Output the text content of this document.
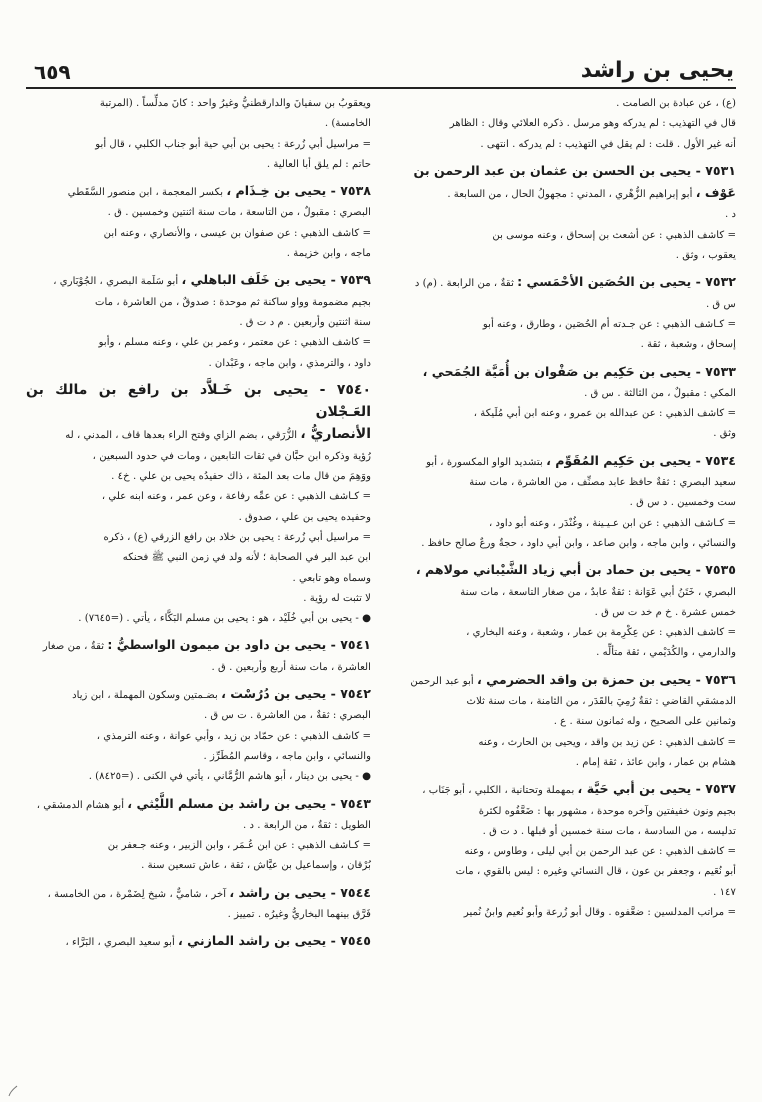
يحيى بن راشد
٦٥٩

(ع) ، عن عبادة بن الصامت .

قال في التهذيب : لم يدركه وهو مرسل . ذكره العلائي وقال : الظاهر

أنه غير الأول . قلت : لم يقل في التهذيب : لم يدركه . انتهى .

٧٥٣١ - يحيى بن الحسن بن عثمان بن عبد الرحمن بن

عَوْف ، أبو إبراهيم الزُّهْري ، المدني : مجهولُ الحال ، من السابعة .

د .

= كاشف الذهبي : عن أشعث بن إسحاق ، وعنه موسى بن

يعقوب ، وثق .

٧٥٣٢ - يحيى بن الحُصَين الأحْمَسي : ثقةٌ ، من الرابعة . (م) د

س ق .

= كـاشف الذهبي : عن جـدته أم الحُصَين ، وطارق ، وعنه أبو

إسحاق ، وشعبة ، ثقة .

٧٥٣٣ - يحيى بن حَكِيم بن صَفْوان بن أُمَيَّة الجُمَحي ،

المكي : مقبولٌ ، من الثالثة . س ق .

= كاشف الذهبي : عن عبدالله بن عمرو ، وعنه ابن أبي مُلَيكة ،

وثق .

٧٥٣٤ - يحيى بن حَكِيم المُقَوِّم ، بتشديد الواو المكسورة ، أبو

سعيد البصري : ثقةٌ حافظ عابد مصنِّف ، من العاشرة ، مات سنة

ست وخمسين . د س ق .

= كـاشف الذهبي : عن ابن عـيـينة ، وغُنْدَر ، وعنه أبو داود ،

والنسائي ، وابن ماجه ، وابن صاعد ، وابن أبي داود ، حجةٌ ورعٌ صالح حافظ .

٧٥٣٥ - يحيى بن حماد بن أبي زياد الشَّيْباني مولاهم ،

البصري ، خَتَنُ أبي عَوَانة : ثقةٌ عابدٌ ، من صغار التاسعة ، مات سنة

خمس عشرة . خ م خد ت س ق .

= كاشف الذهبي : عن عِكْرِمة بن عمار ، وشعبة ، وعنه البخاري ،

والدارمي ، والكُدَيْمي ، ثقة متألِّه .

٧٥٣٦ - يحيى بن حمزة بن واقد الحضرمي ، أبو عبد الرحمن

الدمشقي القاضي : ثقةٌ رُمِيَ بالقَدَر ، من الثامنة ، مات سنة ثلاث

وثمانين على الصحيح ، وله ثمانون سنة . ع .

= كاشف الذهبي : عن زيد بن واقد ، ويحيى بن الحارث ، وعنه

هشام بن عمار ، وابن عائذ ، ثقة إمام .

٧٥٣٧ - يحيى بن أبي حَيَّة ، بمهملة وتحتانية ، الكلبي ، أبو جَنَاب ،

بجيم ونون خفيفتين وآخره موحدة ، مشهور بها : ضَعَّفُوه لكثرة

تدليسه ، من السادسة ، مات سنة خمسين أو قبلها . د ت ق .

= كاشف الذهبي : عن عبد الرحمن بن أبي ليلى ، وطاوس ، وعنه

أبو نُعَيم ، وجعفر بن عون ، قال النسائي وغيره : ليس بالقوي ، مات

١٤٧ .

= مراتب المدلسين : ضعَّفوه . وقال أبو زُرعة وأبو نُعيم وابنُ نُمير

ويعقوبُ بن سفيانَ والدارقطنيُّ وغيرُ واحد : كانَ مدلِّساً . (المرتبة

الخامسة) .

= مراسيل أبي زُرعة : يحيى بن أبي حية أبو جناب الكلبي ، قال أبو

حاتم : لم يلق أبا العالية .

٧٥٣٨ - يحيى بن خِـذَام ، بكسر المعجمة ، ابن منصور السَّقَطي

البصري : مقبولٌ ، من التاسعة ، مات سنة اثنتين وخمسين . ق .

= كاشف الذهبي : عن صفوان بن عيسى ، والأنصاري ، وعنه ابن

ماجه ، وابن خزيمة .

٧٥٣٩ - يحيى بن خَلَف الباهلي ، أبو سَلَمة البصري ، الجُوْبَاري ،

بجيم مضمومة وواو ساكنة ثم موحدة : صدوقٌ ، من العاشرة ، مات

سنة اثنتين وأربعين . م د ت ق .

= كاشف الذهبي : عن معتمر ، وعمر بن علي ، وعنه مسلم ، وأبو

داود ، والترمذي ، وابن ماجه ، وعَبْدان .

٧٥٤٠ - يحيى بن خَـلاَّد بن رافع بن مالك بن العَـجْلان

الأنصاريُّ ، الزُّرَقي ، بضم الزاي وفتح الراء بعدها قاف ، المدني ، له

رُؤية وذكره ابن حبَّان في ثقات التابعين ، ومات في حدود السبعين ،

ووَهِمَ من قال مات بعد المئة ، ذاك حفيدُه يحيى بن علي . خ٤ .

= كـاشف الذهبي : عن عمِّه رفاعة ، وعن عمر ، وعنه ابنه علي ،

وحفيده يحيى بن علي ، صدوق .

= مراسيل أبي زُرعة : يحيى بن خلاد بن رافع الزرقي (ع) ، ذكره

ابن عبد البر في الصحابة ؛ لأنه ولد في زمن النبي ﷺ فحنكه

وسماه وهو تابعي .

لا تثبت له رؤية .

● - يحيى بن أبي خُلَيْد ، هو : يحيى بن مسلم البَكَّاء ، يأتي . (=٧٦٤٥) .

٧٥٤١ - يحيى بن داود بن ميمون الواسطيُّ : ثقةٌ ، من صغار

العاشرة ، مات سنة أربع وأربعين . ق .

٧٥٤٢ - يحيى بن دُرُسْت ، بضـمتين وسكون المهملة ، ابن زياد

البصري : ثقةٌ ، من العاشرة . ت س ق .

= كاشف الذهبي : عن حمّاد بن زيد ، وأبي عوانة ، وعنه الترمذي ،

والنسائي ، وابن ماجه ، وقاسم المُطَرِّز .

● - يحيى بن دينار ، أبو هاشم الرُّمَّاني ، يأتي في الكنى . (=٨٤٢٥) .

٧٥٤٣ - يحيى بن راشد بن مسلم اللَّيْثي ، أبو هشام الدمشقي ،

الطويل : ثقةٌ ، من الرابعة . د .

= كـاشف الذهبي : عن ابن عُـمَر ، وابن الزبير ، وعنه جـعفر بن

بُرْقان ، وإسماعيل بن عيَّاش ، ثقة ، عاش تسعين سنة .

٧٥٤٤ - يحيى بن راشد ، آخر ، شاميٌّ ، شيخ لِضَمْرة ، من الخامسة ،

فَرَّق بينهما البخاريُّ وغيرُه . تمييز .

٧٥٤٥ - يحيى بن راشد المازني ، أبو سعيد البصري ، البَرَّاء ،
